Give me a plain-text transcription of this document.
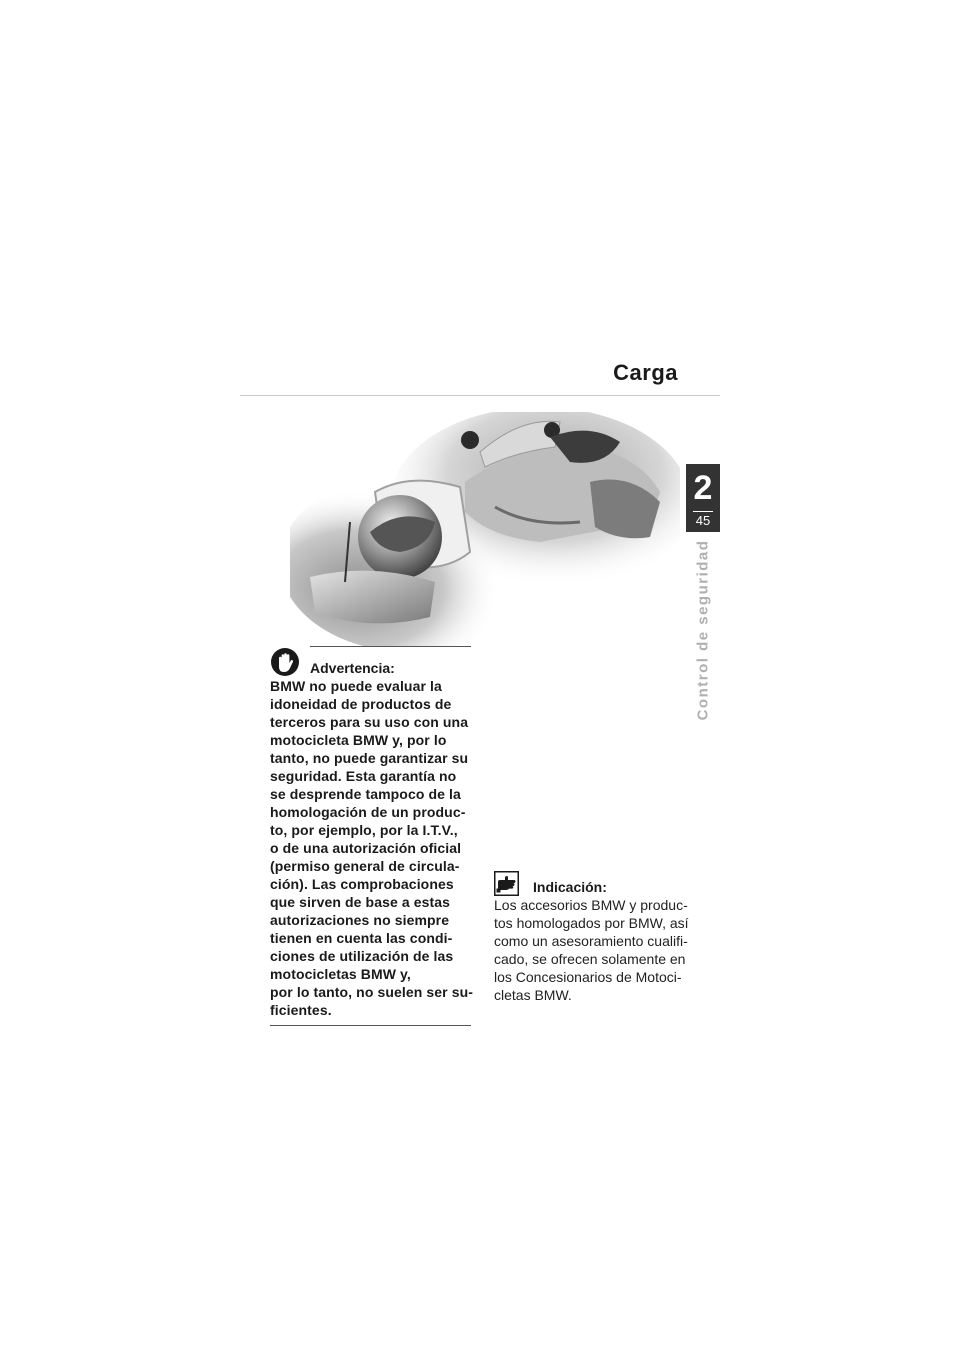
Carga
2
45
Control de seguridad
Advertencia:

BMW no puede evaluar la
idoneidad de productos de
terceros para su uso con una
motocicleta BMW y, por lo
tanto, no puede garantizar su
seguridad. Esta garantía no
se desprende tampoco de la
homologación de un produc-
to, por ejemplo, por la I.T.V.,
o de una autorización oficial
(permiso general de circula-
ción). Las comprobaciones
que sirven de base a estas
autorizaciones no siempre
tienen en cuenta las condi-
ciones de utilización de las
motocicletas BMW y,
por lo tanto, no suelen ser su-
ficientes.

Indicación:

Los accesorios BMW y produc-
tos homologados por BMW, así
como un asesoramiento cualifi-
cado, se ofrecen solamente en
los Concesionarios de Motoci-
cletas BMW.
